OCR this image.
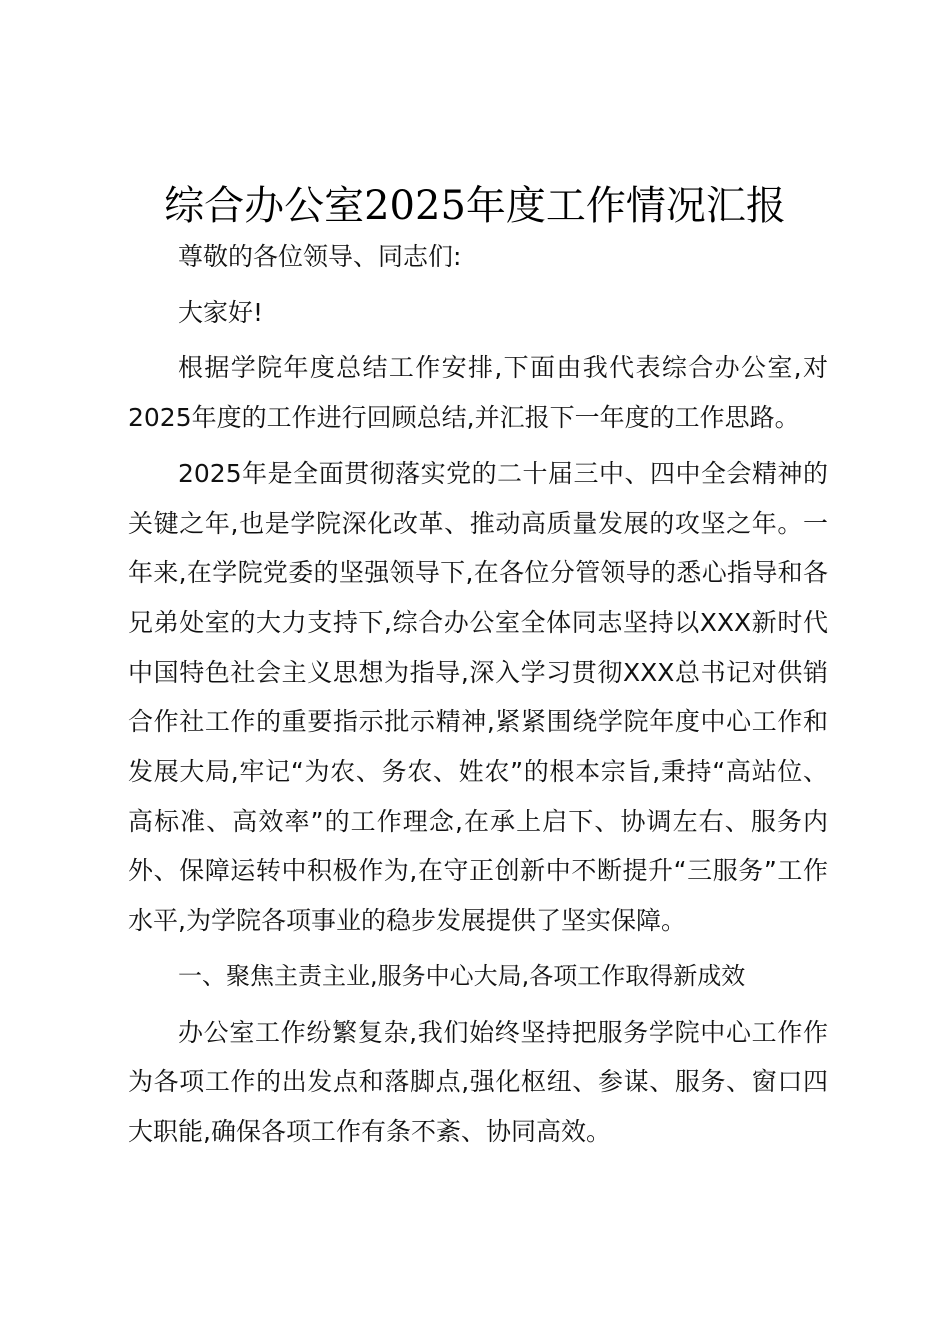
综合办公室2025年度工作情况汇报

尊敬的各位领导、同志们:

大家好!

根据学院年度总结工作安排,下面由我代表综合办公室,对2025年度的工作进行回顾总结,并汇报下一年度的工作思路。

2025年是全面贯彻落实党的二十届三中、四中全会精神的关键之年,也是学院深化改革、推动高质量发展的攻坚之年。一年来,在学院党委的坚强领导下,在各位分管领导的悉心指导和各兄弟处室的大力支持下,综合办公室全体同志坚持以XXX新时代中国特色社会主义思想为指导,深入学习贯彻XXX总书记对供销合作社工作的重要指示批示精神,紧紧围绕学院年度中心工作和发展大局,牢记“为农、务农、姓农”的根本宗旨,秉持“高站位、高标准、高效率”的工作理念,在承上启下、协调左右、服务内外、保障运转中积极作为,在守正创新中不断提升“三服务”工作水平,为学院各项事业的稳步发展提供了坚实保障。

一、聚焦主责主业,服务中心大局,各项工作取得新成效

办公室工作纷繁复杂,我们始终坚持把服务学院中心工作作为各项工作的出发点和落脚点,强化枢纽、参谋、服务、窗口四大职能,确保各项工作有条不紊、协同高效。
